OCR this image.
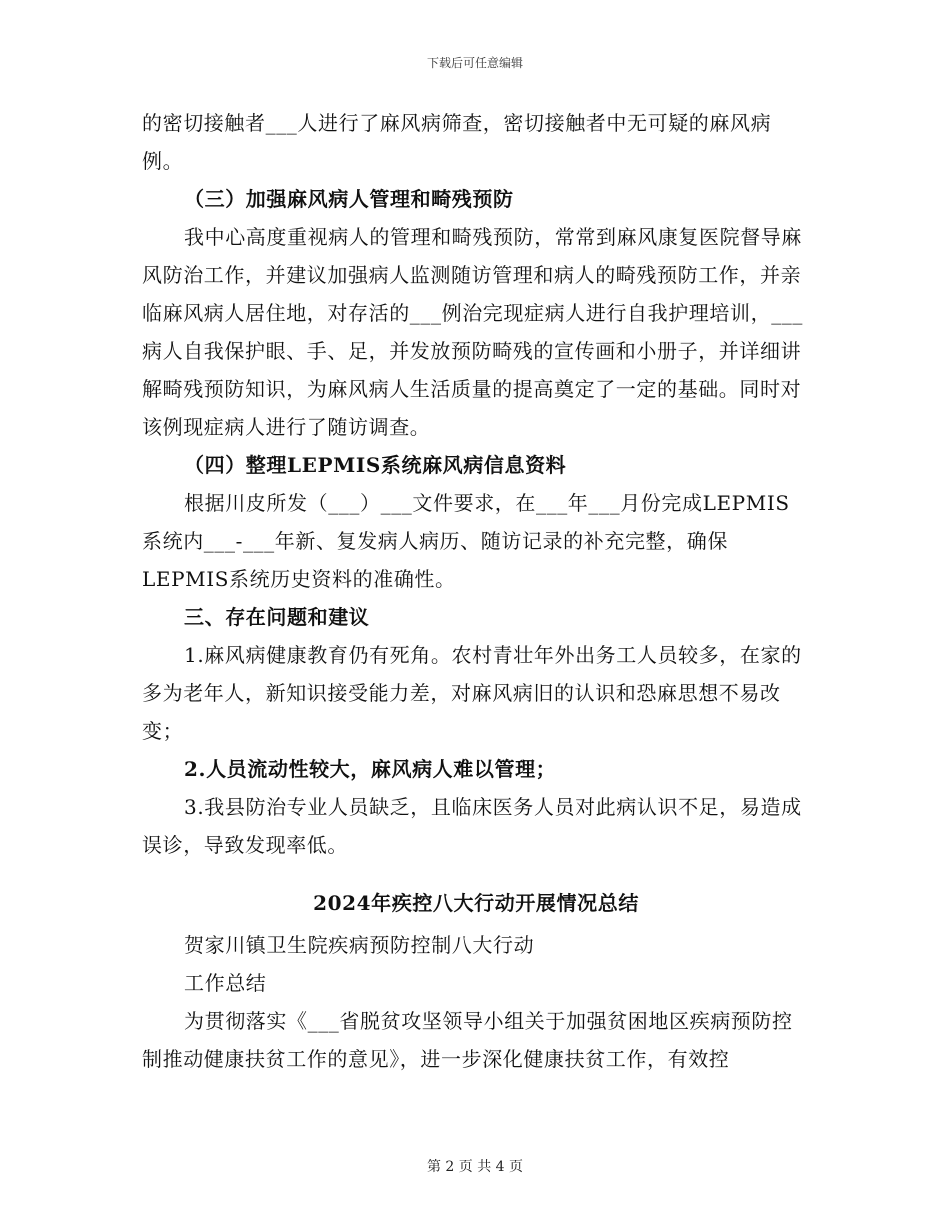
下载后可任意编辑

的密切接触者___人进行了麻风病筛查，密切接触者中无可疑的麻风病例。

（三）加强麻风病人管理和畸残预防

我中心高度重视病人的管理和畸残预防，常常到麻风康复医院督导麻风防治工作，并建议加强病人监测随访管理和病人的畸残预防工作，并亲临麻风病人居住地，对存活的___例治完现症病人进行自我护理培训，___病人自我保护眼、手、足，并发放预防畸残的宣传画和小册子，并详细讲解畸残预防知识，为麻风病人生活质量的提高奠定了一定的基础。同时对该例现症病人进行了随访调查。

（四）整理LEPMIS系统麻风病信息资料

根据川皮所发（___）___文件要求，在___年___月份完成LEPMIS系统内___-___年新、复发病人病历、随访记录的补充完整，确保LEPMIS系统历史资料的准确性。

三、存在问题和建议

1.麻风病健康教育仍有死角。农村青壮年外出务工人员较多，在家的多为老年人，新知识接受能力差，对麻风病旧的认识和恐麻思想不易改变；

2.人员流动性较大，麻风病人难以管理；

3.我县防治专业人员缺乏，且临床医务人员对此病认识不足，易造成误诊，导致发现率低。

2024年疾控八大行动开展情况总结

贺家川镇卫生院疾病预防控制八大行动

工作总结

为贯彻落实《___省脱贫攻坚领导小组关于加强贫困地区疾病预防控制推动健康扶贫工作的意见》，进一步深化健康扶贫工作，有效控

第 2 页 共 4 页
